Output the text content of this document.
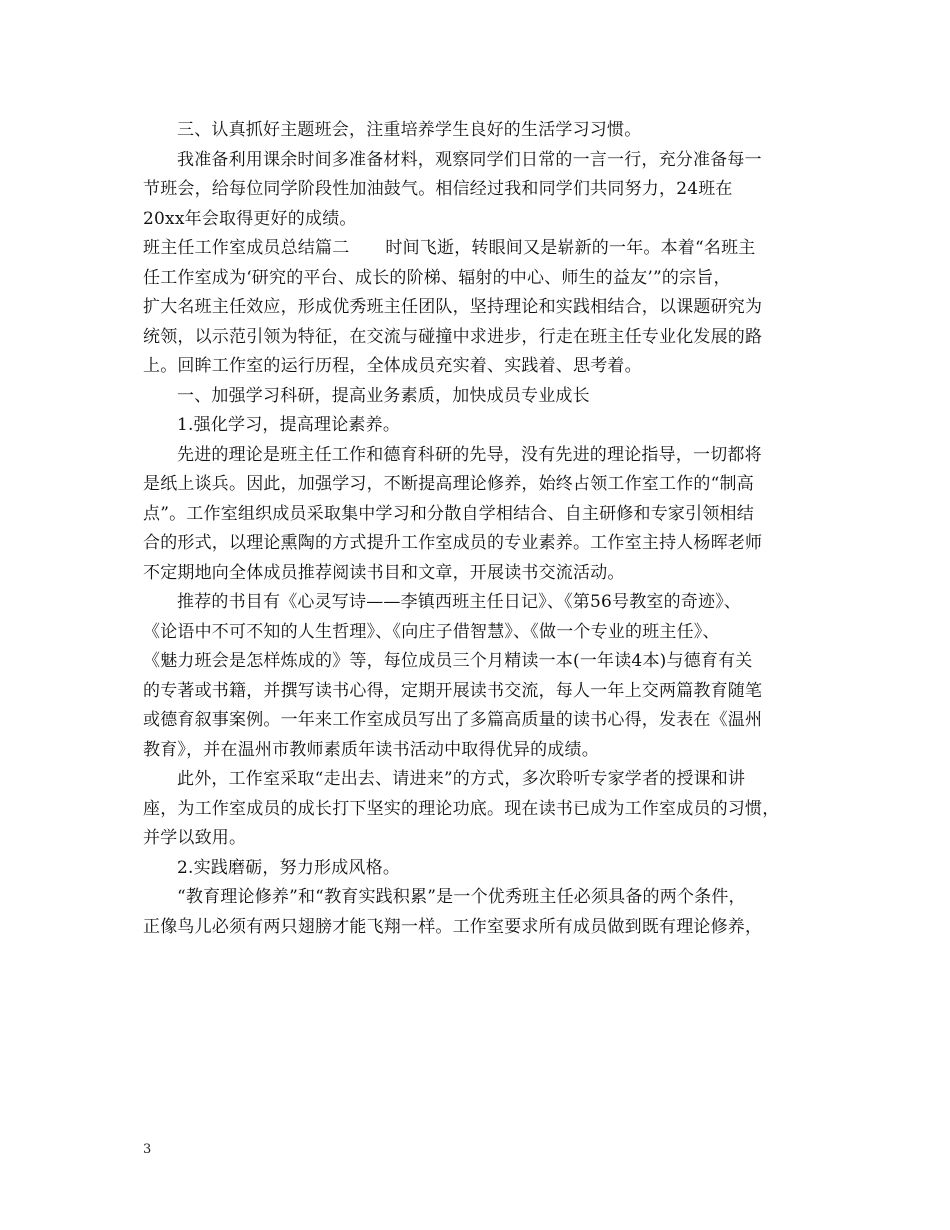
三、认真抓好主题班会，注重培养学生良好的生活学习习惯。
我准备利用课余时间多准备材料，观察同学们日常的一言一行，充分准备每一
节班会，给每位同学阶段性加油鼓气。相信经过我和同学们共同努力，24班在
20xx年会取得更好的成绩。
班主任工作室成员总结篇二 时间飞逝，转眼间又是崭新的一年。本着“名班主
任工作室成为‘研究的平台、成长的阶梯、辐射的中心、师生的益友’”的宗旨，
扩大名班主任效应，形成优秀班主任团队，坚持理论和实践相结合，以课题研究为
统领，以示范引领为特征，在交流与碰撞中求进步，行走在班主任专业化发展的路
上。回眸工作室的运行历程，全体成员充实着、实践着、思考着。
一、加强学习科研，提高业务素质，加快成员专业成长
1.强化学习，提高理论素养。
先进的理论是班主任工作和德育科研的先导，没有先进的理论指导，一切都将
是纸上谈兵。因此，加强学习，不断提高理论修养，始终占领工作室工作的“制高
点”。工作室组织成员采取集中学习和分散自学相结合、自主研修和专家引领相结
合的形式，以理论熏陶的方式提升工作室成员的专业素养。工作室主持人杨晖老师
不定期地向全体成员推荐阅读书目和文章，开展读书交流活动。
推荐的书目有《心灵写诗——李镇西班主任日记》、《第56号教室的奇迹》、
《论语中不可不知的人生哲理》、《向庄子借智慧》、《做一个专业的班主任》、
《魅力班会是怎样炼成的》等，每位成员三个月精读一本(一年读4本)与德育有关
的专著或书籍，并撰写读书心得，定期开展读书交流，每人一年上交两篇教育随笔
或德育叙事案例。一年来工作室成员写出了多篇高质量的读书心得，发表在《温州
教育》，并在温州市教师素质年读书活动中取得优异的成绩。
此外，工作室采取“走出去、请进来”的方式，多次聆听专家学者的授课和讲
座，为工作室成员的成长打下坚实的理论功底。现在读书已成为工作室成员的习惯，
并学以致用。
2.实践磨砺，努力形成风格。
“教育理论修养”和“教育实践积累”是一个优秀班主任必须具备的两个条件，
正像鸟儿必须有两只翅膀才能飞翔一样。工作室要求所有成员做到既有理论修养，
3
